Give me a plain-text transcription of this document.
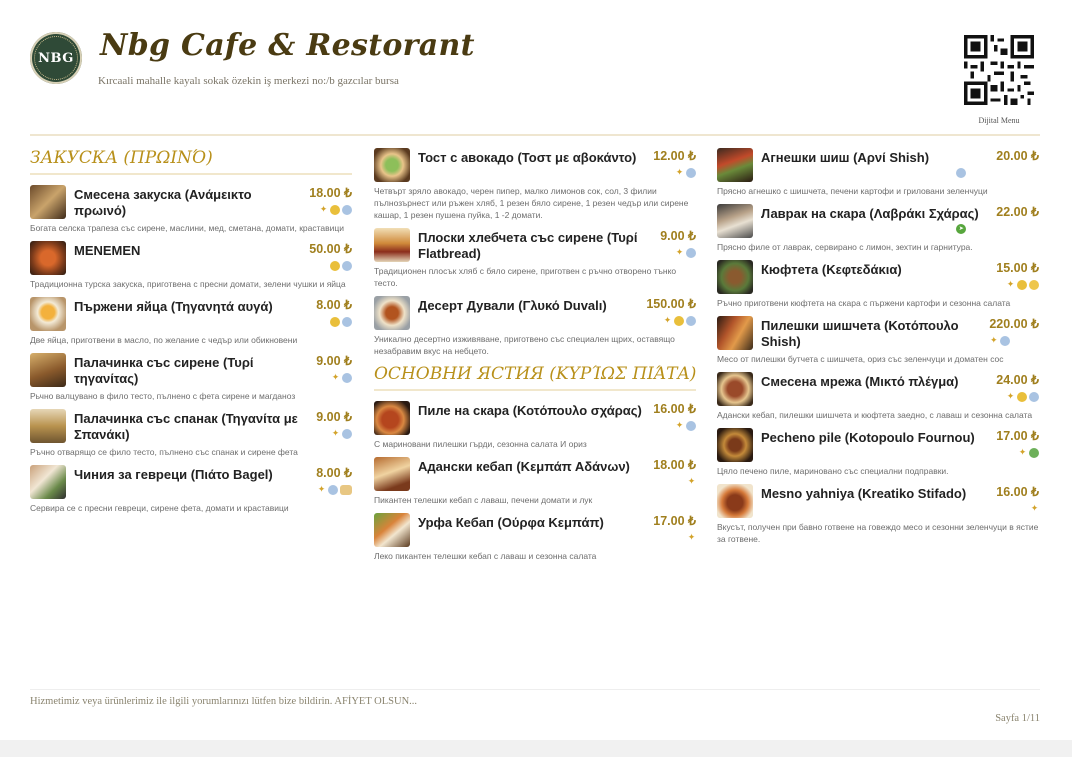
NBG Nbg Cafe & Restorant
Kırcaali mahalle kayalı sokak özekin iş merkezi no:/b gazcılar bursa
Dijital Menu
ЗАКУСКА (ΠΡΩΙΝΌ)
Смесена закуска (Ανάμεικτο πρωινό)
18.00 ₺
✦
Богата селска трапеза със сирене, маслини, мед, сметана, домати, краставици
MENEMEN	50.00 ₺
Традиционна турска закуска, приготвена с пресни домати, зелени чушки и яйца
Пържени яйца (Τηγανητά αυγά)	8.00 ₺
Две яйца, приготвени в масло, по желание с чедър или обикновени
Палачинка със сирене (Τυρί τηγανίτας)
9.00 ₺
✦
Рьчно валцувано в фило тесто, пълнено с фета сирене и магданоз
Палачинка със спанак (Τηγανίτα με Σπανάκι)
9.00 ₺
✦
Ръчно отварящо се фило тесто, пълнено със спанак и сирене фета
Чиния за гевреци (Πιάτο Bagel)	8.00 ₺
✦
Сервира се с пресни гевреци, сирене фета, домати и краставици
Тост с авокадо (Τοστ με αβοκάντο)	12.00 ₺
✦
Четвърт зряло авокадо, черен пипер, малко лимонов сок, сол, 3 филии пълнозърнест или ръжен хляб, 1 резен бяло сирене, 1 резен чедър или сирене кашар, 1 резен пушена пуйка, 1 -2 домати.
Плоски хлебчета със сирене (Τυρί Flatbread)
9.00 ₺
✦
Традиционен плосък хляб с бяло сирене, приготвен с ръчно отворено тънко тесто.
Десерт Дували (Γλυκό Duvalı)	150.00 ₺
✦
Уникално десертно изживяване, приготвено със специален щрих, оставящо незабравим вкус на небцето.
ОСНОВНИ ЯСТИЯ (ΚΥΡΊΩΣ ΠΙΆΤΑ)
Пиле на скара (Κοτόπουλο σχάρας) 16.00 ₺
✦
С мариновани пилешки гърди, сезонна салата И ориз
Адански кебап (Κεμπάπ Αδάνων)	18.00 ₺
✦
Пикантен телешки кебап с лаваш, печени домати и лук
Урфа Кебап (Ούρφα Κεμπάπ)	17.00 ₺
✦
Леко пикантен телешки кебап с лаваш и сезонна салата
Агнешки шиш (Αρνί Shish)	20.00 ₺
Прясно агнешко с шишчета, печени картофи и гриловани зеленчуци
Лаврак на скара (Λαβράκι Σχάρας)	22.00 ₺
➤
Прясно филе от лаврак, сервирано с лимон, зехтин и гарнитура.
Кюфтета (Κεφτεδάκια)	15.00 ₺
✦
Ръчно приготвени кюфтета на скара с пържени картофи и сезонна салата
Пилешки шишчета (Κοτόπουλο Shish)
220.00 ₺
✦
Месо от пилешки бутчета с шишчета, ориз със зеленчуци и доматен сос
Смесена мрежа (Μικτό πλέγμα)	24.00 ₺
✦
Адански кебап, пилешки шишчета и кюфтета заедно, с лаваш и сезонна салата
Pecheno pile (Kotopoulo Fournou)	17.00 ₺
✦
Цяло печено пиле, мариновано със специални подправки.
Mesno yahniya (Kreatiko Stifado)	16.00 ₺
✦
Вкусът, получен при бавно готвене на говеждо месо и сезонни зеленчуци в ястие за готвене.
Hizmetimiz veya ürünlerimiz ile ilgili yorumlarınızı lütfen bize bildirin. AFİYET OLSUN...
Sayfa 1/11
